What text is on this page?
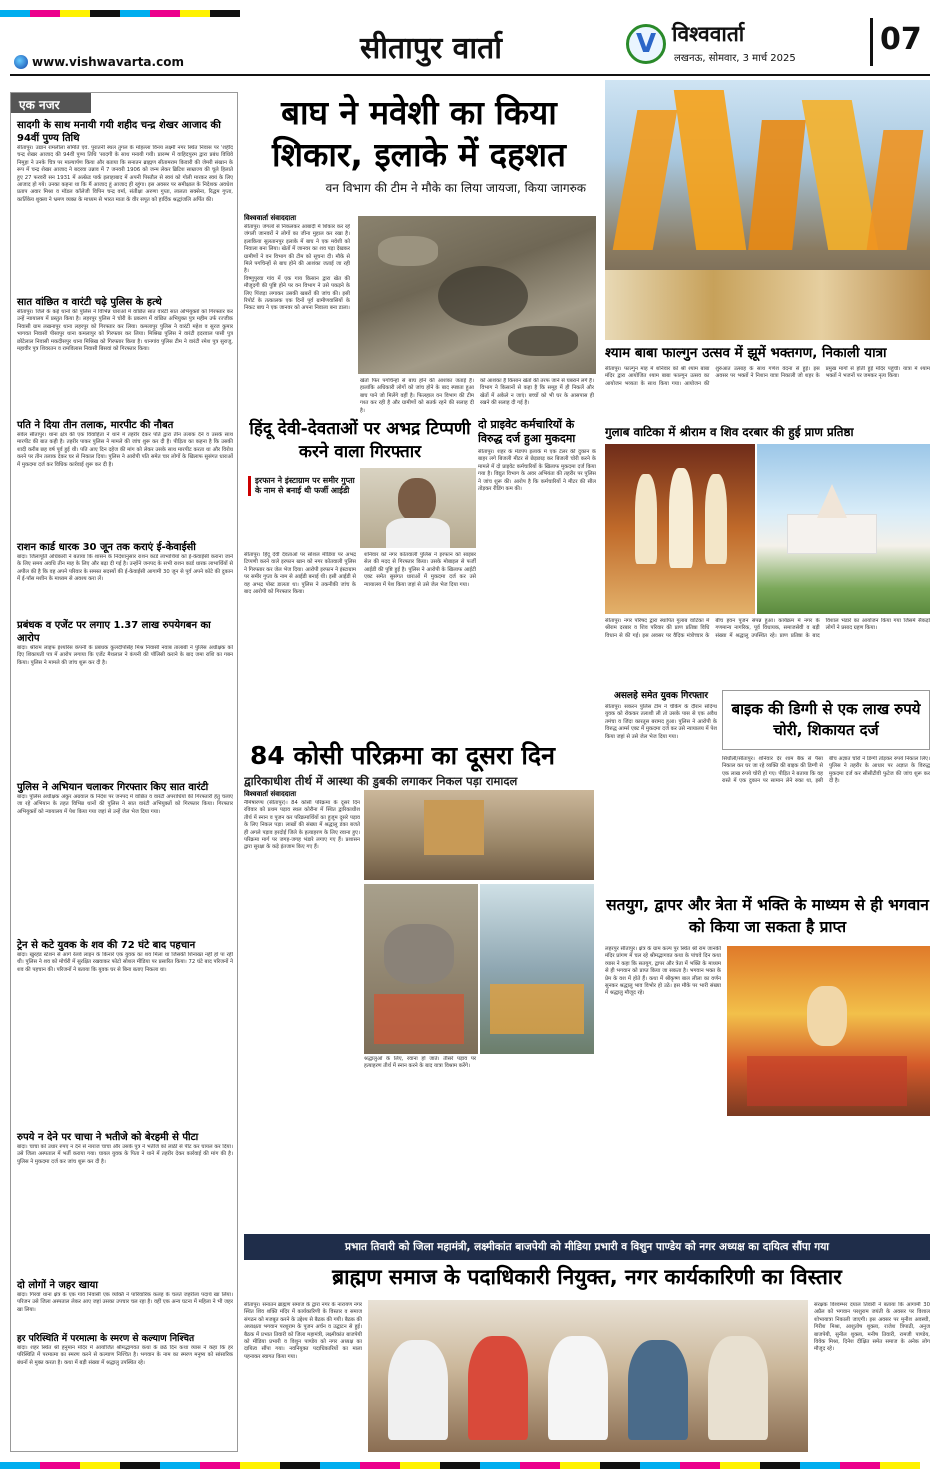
सीतापुर वार्ता	V विश्ववार्ता
लखनऊ, सोमवार, 3 मार्च 2025
07
www.vishwavarta.com
एक नजर
सादगी के साथ मनायी गयी शहीद चन्द्र शेखर आजाद की 94वीं पुण्य तिथि
सीतापुर। उद्यान रामलीला समिति एवं. पुरातनी स्थल तुगल के मोहल्ला विनय लक्ष्मी नगर स्थित निवास पर 'शहीद चन्द्र शेखर आजाद की 94वीं पुण्य तिथि 'सादगी के साथ मनायी गयी। प्रारम्भ में वाहिदपुरम द्वारा प्रबंध विधिवे निमुहा ने उनके चित्र पर माल्यार्पण किया और बताया कि सनातन ब्राह्मण सीतामराम किवारी की जेमरी संखान के रूप में चन्द्र शेखर आजाद ने बदरवा उन्नाव में 7 जनवरी 1906 को जन्म लेकर ब्रिटिश साम्राज्य की चूले हिलाते हुए 27 फरवरी सन 1931 में अल्फ्रेड पार्क इलाहाबाद में अपनी पिस्तौल से स्वयं को गोली मारकर स्वयं के लिए आजाद हो गये। उनका कहना था कि मैं आजाद हूं आजाद ही रहूंगा। इस अवसर पर समीक्षाल के निदेशक अवधेश प्रताप अवार मिश्रा व मॉडल कॉलेजी विपिन चन्द्र वर्मा, संतीक्षा अरुणा गुप्ता, लालता सक्सेना, रिद्धम गुप्ता, कार्तिकेय शुक्ला ने भ्रमण व्यक्त के माध्यम से भारत माता के वीर सपूत को हार्दिक श्रद्धांजलि अर्पित की।
सात वांछित व वारंटी चढ़े पुलिस के हत्थे
सीतापुर। जिले के कई थानों की पुलिस ने विभिन्न धाराओं में वांछित सात वारंटी सात अभियुक्तों को गिरफ्तार कर उन्हें न्यायालय में प्रस्तुत किया है। लहरपुर पुलिस ने चोरी के प्रकरण में वांछित अभियुक्त पुत्र महीम उर्फ रज्जीक निवासी ग्राम लखनापुर थाना लहरपुर को गिरफ्तार कर लिया। कमलापुर पुलिस ने वारंटी महेश व सुरज कुमार भागवत निवासी पीसापुर थाना कमलापुर को गिरफ्तार कर लिया। मिश्रिख पुलिस ने वारंटी इदरवाल पासी पुत्र छोटेलाल निवासी मकदीसपुर थाना मिश्रिख को गिरफ्तार किया है। थानगांव पुलिस टीम ने वारंटी रमेश पुत्र सुराजु, महावीर पुत्र शिवरतन व रामविलास निवासी बिसवां को गिरफ्तार किया।
पति ने दिया तीन तलाक, मारपीट की नौबत
संवेल सीतापुर। थाना क्षेत्र की एक विवाहिता ने थाने में तहरीर देकर पति द्वारा तीन तलाक देने व उसके साथ मारपीट की बात कही है। तहरीर पाकर पुलिस ने मामले की जांच शुरू कर दी है। पीड़िता का कहना है कि उसकी शादी करीब छह वर्ष पूर्व हुई थी। पति आए दिन दहेज की मांग को लेकर उसके साथ मारपीट करता था और विरोध करने पर तीन तलाक देकर घर से निकाल दिया। पुलिस ने आरोपी पति समेत चार लोगों के खिलाफ सुसंगत धाराओं में मुकदमा दर्ज कर विधिक कार्रवाई शुरू कर दी है।
राशन कार्ड धारक 30 जून तक कराएं ई-केवाईसी
बांदा। जिलापूर्ति अधिकारी ने बताया कि शासन के निर्देशानुसार राशन कार्ड लाभार्थियों को ई-केवाईसी कराना जाने के लिए समय अवधि तीन माह के लिए और बढ़ा दी गई है। उन्होंने जनपद के सभी राशन कार्ड धारक लाभार्थियों से अपील की है कि वह अपने परिवार के समस्त सदस्यों की ई-केवाईसी आगामी 30 जून से पूर्व अपने कोटे की दुकान में ई-पॉस मशीन के माध्यम से अवश्य करा लें।
प्रबंधक व एजेंट पर लगाए 1.37 लाख रुपयेगबन का आरोप
बांदा। श्रीराम लाइफ इंश्योरेंस कंपनी के प्रबंधक कुलदीपसिंह मिश्र निवासी नवाब तालाबी ने पुलिस अधीक्षक को दिए शिकायती पत्र में आरोप लगाया कि एजेंट मैथलाल ने कंपनी की पॉलिसी कराने के बाद जमा राशि का गबन किया। पुलिस ने मामले की जांच शुरू कर दी है।
पुलिस ने अभियान चलाकर गिरफ्तार किए सात वारंटी
बांदा। पुलिस अधीक्षक अंकुर अग्रवाल के निर्देश पर जनपद में वांछित व वारंटी अपराधियों की गिरफ्तारी हेतु चलाए जा रहे अभियान के तहत विभिन्न थानों की पुलिस ने सात वारंटी अभियुक्तों को गिरफ्तार किया। गिरफ्तार अभियुक्तों को न्यायालय में पेश किया गया जहां से उन्हें जेल भेज दिया गया।
ट्रेन से कटे युवक के शव की 72 घंटे बाद पहचान
बांदा। खुरहंड स्टेशन से आगे रेलवे लाइन के किनारे एक युवक का शव मिला था जिसकी शिनाख्त नहीं हो पा रही थी। पुलिस ने शव को मोर्चरी में सुरक्षित रखवाकर फोटो सोशल मीडिया पर प्रसारित किया। 72 घंटे बाद परिजनों ने शव की पहचान की। परिजनों ने बताया कि युवक घर से बिना बताए निकला था।
रुपये न देने पर चाचा ने भतीजे को बेरहमी से पीटा
बांदा। चाचा को उधार रुपए न देने से नाराज चाचा और उसके पुत्र ने भतीजे को लाठी से पीट कर घायल कर दिया। उसे जिला अस्पताल में भर्ती कराया गया। घायल युवक के पिता ने थाने में तहरीर देकर कार्रवाई की मांग की है। पुलिस ने मुकदमा दर्ज कर जांच शुरू कर दी है।
दो लोगों ने जहर खाया
बांदा। गिरवां थाना क्षेत्र के एक गांव निवासी एक व्यक्ति ने पारिवारिक कलह के चलते जहरीला पदार्थ खा लिया। परिजन उसे जिला अस्पताल लेकर आए जहां उसका उपचार चल रहा है। वहीं एक अन्य घटना में महिला ने भी जहर खा लिया।
हर परिस्थिति में परमात्मा के स्मरण से कल्याण निश्चित
बांदा। शहर स्थित श्री हनुमान मंदिर में आयोजित श्रीमद्भागवत कथा के छठे दिन कथा व्यास ने कहा कि हर परिस्थिति में परमात्मा का स्मरण करने से कल्याण निश्चित है। भगवान के नाम का स्मरण मनुष्य को सांसारिक बंधनों से मुक्त करता है। कथा में बड़ी संख्या में श्रद्धालु उपस्थित रहे।
बाघ ने मवेशी का किया शिकार, इलाके में दहशत
वन विभाग की टीम ने मौके का लिया जायजा, किया जागरुक
विश्ववार्ता संवाददाता
सीतापुर। जंगलों से निकलकर आबादी में शिकार कर रहे जंगली जानवरों ने लोगों का जीना मुहाल कर रखा है। इलाकिया सुलतानपुर इलाके में बाघ ने एक मवेशी को निवाला बना लिया। खेतों में जानवर का शव पड़ा देखकर ग्रामीणों ने वन विभाग की टीम को सूचना दी। मौके से मिले पगचिन्हों से बाघ होने की आशंका जताई जा रही है।
विष्णुपुरवा गांव में एक गाय किसान द्वारा खेत की मौजूदगी की पुष्टि होने पर वन विभाग ने उसे पकड़ने के लिए पिंजड़ा लगाकर उसकी खबरों की जांच की। इसी रिपोर्ट के तत्कालक एक दिनों पूर्व ग्रामीणवासियों के निकट बाघ ने एक जानवर को अपना निवाला बना डाला।
खेतों फिर पगचिन्हों से बाघ होने की आशंका जताई है। हालांकि अधिकारी लोगों को जांच होने के बाद स्पष्टता हुआ बाघ पाने जो मिलेंगे वहीं है। फिलहाल वन विभाग की टीम गश्त कर रही है और ग्रामीणों को सतर्क रहने की सलाह दी है।
को आशंका है किसान खेतों की तरफ जाने से घबराने लगे हैं। विभाग ने किसानों से कहा है कि समूह में ही निकलें और खेतों में अकेले न जाएं। बच्चों को भी घर के आसपास ही रखने की सलाह दी गई है।
हिंदू देवी-देवताओं पर अभद्र टिप्पणी करने वाला गिरफ्तार
इरफान ने इंस्टाग्राम पर समीर गुप्ता के नाम से बनाई थी फर्जी आईडी
सीतापुर। हिंदू देवी देवताओं पर सोशल मीडिया पर अभद्र टिप्पणी करने वाले इरफान खान को नगर कोतवाली पुलिस ने गिरफ्तार कर जेल भेज दिया। आरोपी इरफान ने इंस्टाग्राम पर समीर गुप्ता के नाम से आईडी बनाई थी। इसी आईडी से वह अभद्र पोस्ट डालता था। पुलिस ने तकनीकी जांच के बाद आरोपी को गिरफ्तार किया।
शनिवार को नगर कोतवाली पुलिस ने इरफान को साइबर सेल की मदद से गिरफ्तार किया। उसके मोबाइल से फर्जी आईडी की पुष्टि हुई है। पुलिस ने आरोपी के खिलाफ आईटी एक्ट समेत सुसंगत धाराओं में मुकदमा दर्ज कर उसे न्यायालय में पेश किया जहां से उसे जेल भेज दिया गया।
दो प्राइवेट कर्मचारियों के विरुद्ध दर्ज हुआ मुकदमा
सीतापुर। शहर के मेडपंप इलाके में एक टेलर की दुकान के बाहर लगे बिजली मीटर से छेड़छाड़ कर बिजली चोरी करने के मामले में दो प्राइवेट कर्मचारियों के खिलाफ मुकदमा दर्ज किया गया है। विद्युत विभाग के अवर अभियंता की तहरीर पर पुलिस ने जांच शुरू की। आरोप है कि कर्मचारियों ने मीटर की सील तोड़कर रीडिंग कम की।
श्याम बाबा फाल्गुन उत्सव में झूमें भक्तगण, निकाली यात्रा
सीतापुर। फाल्गुन माह में शनिवार को श्री श्याम बाबा मंदिर द्वारा आयोजित श्याम बाबा फाल्गुन उत्सव का आयोजन भव्यता के साथ किया गया। आयोजन की शुरुआत उत्साह के साथ गणेश वंदना से हुई। इस अवसर पर भक्तों ने निशान यात्रा निकाली जो शहर के प्रमुख मार्गों से होती हुई मंदिर पहुंची। यात्रा में श्याम भक्तों ने भजनों पर जमकर नृत्य किया।
गुलाब वाटिका में श्रीराम व शिव दरबार की हुई प्राण प्रतिष्ठा
सीतापुर। नगर परिषद द्वारा स्थापित गुलाब वाटिका में श्रीराम दरबार व शिव परिवार की प्राण प्रतिष्ठा विधि विधान से की गई। इस अवसर पर वैदिक मंत्रोच्चार के बीच हवन पूजन संपन्न हुआ। कार्यक्रम में नगर के गणमान्य नागरिक, पूर्व विधायक, समाजसेवी व बड़ी संख्या में श्रद्धालु उपस्थित रहे। प्राण प्रतिष्ठा के बाद विशाल भंडारे का आयोजन किया गया जिसमें सैकड़ों लोगों ने प्रसाद ग्रहण किया।
84 कोसी परिक्रमा का दूसरा दिन
द्वारिकाधीश तीर्थ में आस्था की डुबकी लगाकर निकल पड़ा रामादल
विश्ववार्ता संवाददाता
नैमिषारण्य (सीतापुर)। 84 कोसी परिक्रमा के दूसरे दिन रविवार को प्रथम पड़ाव स्थल कोरौना में स्थित द्वारिकाधीश तीर्थ में स्नान व पूजन कर परिक्रमार्थियों का हुजूम दूसरे पड़ाव के लिए निकल पड़ा। लाखों की संख्या में श्रद्धालु डंका बजते ही अगले पड़ाव हरदोई जिले के हत्याहरण के लिए रवाना हुए। परिक्रमा मार्ग पर जगह-जगह भंडारे लगाए गए हैं। प्रशासन द्वारा सुरक्षा के कड़े इंतजाम किए गए हैं।
श्रद्धालुओं के लिए, रवाना हो जाते। तीसरे पड़ाव पर हत्याहरण तीर्थ में स्नान करने के बाद यात्रा विश्राम करेंगे।
असलहे समेत युवक गिरफ्तार
सीतापुर। सकरन पुलिस टीम ने चेकिंग के दौरान संदिग्ध युवक को रोककर तलाशी ली तो उसके पास से एक अवैध तमंचा व जिंदा कारतूस बरामद हुआ। पुलिस ने आरोपी के विरुद्ध आर्म्स एक्ट में मुकदमा दर्ज कर उसे न्यायालय में पेश किया जहां से उसे जेल भेज दिया गया।
बाइक की डिग्गी से एक लाख रुपये चोरी, शिकायत दर्ज
सिधौली/सीतापुर। शनिवार देर शाम बैंक से पैसा निकाल कर घर जा रहे व्यक्ति की बाइक की डिग्गी से एक लाख रुपये चोरी हो गए। पीड़ित ने बताया कि वह रास्ते में एक दुकान पर सामान लेने रुका था, इसी बीच अज्ञात चोरों ने डिग्गी तोड़कर रुपये निकाल लिए। पुलिस ने तहरीर के आधार पर अज्ञात के विरुद्ध मुकदमा दर्ज कर सीसीटीवी फुटेज की जांच शुरू कर दी है।
सतयुग, द्वापर और त्रेता में भक्ति के माध्यम से ही भगवान को किया जा सकता है प्राप्त
लहरपुर सीतापुर। क्षेत्र के ग्राम कल्प पुर स्थित श्री राम जानकी मंदिर प्रांगण में चल रहे श्रीमद्भागवत कथा के पांचवे दिन कथा व्यास ने कहा कि सतयुग, द्वापर और त्रेता में भक्ति के माध्यम से ही भगवान को प्राप्त किया जा सकता है। भगवान भक्त के प्रेम के वश में होते हैं। कथा में श्रीकृष्ण बाल लीला का वर्णन सुनकर श्रद्धालु भाव विभोर हो उठे। इस मौके पर भारी संख्या में श्रद्धालु मौजूद रहे।
प्रभात तिवारी को जिला महामंत्री, लक्ष्मीकांत बाजपेयी को मीडिया प्रभारी व विशुन पाण्डेय को नगर अध्यक्ष का दायित्व सौंपा गया
ब्राह्मण समाज के पदाधिकारी नियुक्त, नगर कार्यकारिणी का विस्तार
सीतापुर। सनातन ब्राह्मण समाज के द्वारा नगर के नारायण नगर स्थित शिव शक्ति मंदिर में कार्यकारिणी के विस्तार व समाज संगठन को मजबूत करने के उद्देश्य से बैठक की गयी। बैठक की अध्यक्षता भगवान परशुराम के पूजन अर्चन व उद्घाटन से हुई। बैठक में प्रभात तिवारी को जिला महामंत्री, लक्ष्मीकांत बाजपेयी को मीडिया प्रभारी व विशुन पाण्डेय को नगर अध्यक्ष का दायित्व सौंपा गया। नवनियुक्त पदाधिकारियों का माला पहनाकर स्वागत किया गया।
संरक्षक विश्वम्भर दयाल तिवारी ने बताया कि आगामी 30 अप्रैल को भगवान परशुराम जयंती के अवसर पर विशाल शोभायात्रा निकाली जाएगी। इस अवसर पर मुनीश अवस्थी, गिरीश मिश्रा, आशुतोष शुक्ला, राजेश त्रिपाठी, अनुज बाजपेयी, सुनील शुक्ला, मनीष तिवारी, रामजी पाण्डेय, विवेक मिश्रा, दिनेश दीक्षित समेत समाज के अनेक लोग मौजूद रहे।
